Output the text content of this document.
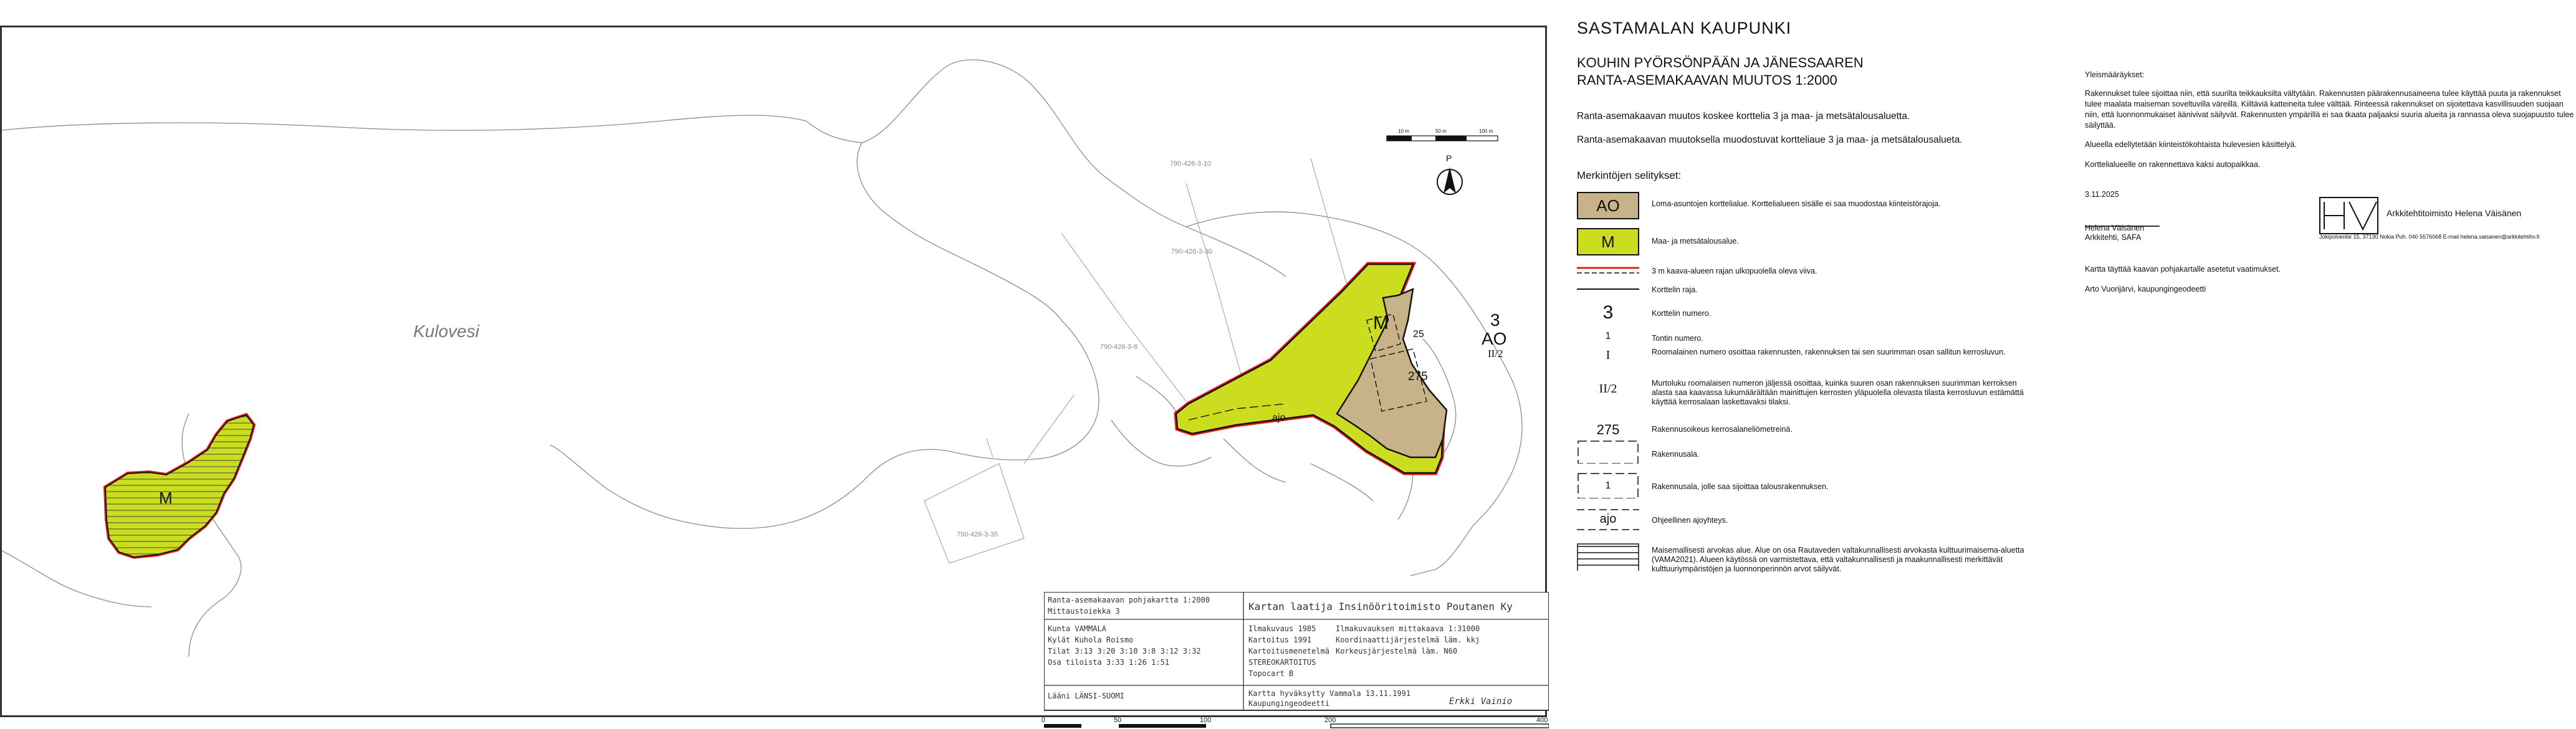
Kulovesi
M
M	3
AO
II/2
25
275
ajo
790-426-3-10
790-426-3-30
790-426-3-8
790-426-3-35
10 m	50 m	100 m
P
Ranta-asemakaavan pohjakartta 1:2000
Mittaustoiekka 3
Kunta VAMMALA
Kylät Kuhola Roismo
Tilat 3:13 3:20 3:10 3:8 3:12 3:32
Osa tiloista 3:33 1:26 1:51
Lääni LÄNSI-SUOMI
Kartan laatija Insinööritoimisto Poutanen Ky
Ilmakuvaus 1985
Kartoitus 1991
Kartoitusmenetelmä
STEREOKARTOITUS
Topocart B
Ilmakuvauksen mittakaava 1:31000
Koordinaattijärjestelmä läm. kkj
Korkeusjärjestelmä läm. N60
Kartta hyväksytty Vammala 13.11.1991
Kaupungingeodeetti	Erkki Vainio
0	50	100	200	400
SASTAMALAN KAUPUNKI
KOUHIN PYÖRSÖNPÄÄN JA JÄNESSAAREN
RANTA-ASEMAKAAVAN MUUTOS 1:2000
Ranta-asemakaavan muutos koskee korttelia 3 ja maa- ja metsätalousaluetta.
Ranta-asemakaavan muutoksella muodostuvat kortteliaue 3 ja maa- ja metsätalousalueta.
Merkintöjen selitykset:
AO	Loma-asuntojen korttelialue. Korttelialueen sisälle ei saa muodostaa kiinteistörajoja.
M	Maa- ja metsätalousalue.
3 m kaava-alueen rajan ulkopuolella oleva viiva.
Korttelin raja.
3	Korttelin numero.
1	Tontin numero.
I	Roomalainen numero osoittaa rakennusten, rakennuksen tai sen suurimman osan sallitun kerrosluvun.
II/2	Murtoluku roomalaisen numeron jäljessä osoittaa, kuinka suuren osan rakennuksen suurimman kerroksen alasta saa kaavassa lukumäärältään mainittujen kerrosten yläpuolella olevasta tilasta kerrosluvun estämättä käyttää kerrosalaan laskettavaksi tilaksi.
275	Rakennusoikeus kerrosalaneliömetreinä.
Rakennusala.
1	Rakennusala, jolle saa sijoittaa talousrakennuksen.
ajo	Ohjeellinen ajoyhteys.
Maisemallisesti arvokas alue. Alue on osa Rautaveden valtakunnallisesti arvokasta kulttuurimaisema-aluetta (VAMA2021). Alueen käytössä on varmistettava, että valtakunnallisesti ja maakunnallisesti merkittävät kulttuuriympäristöjen ja luonnonperinnön arvot säilyvät.
Yleismääräykset:
Rakennukset tulee sijoittaa niin, että suurilta teikkauksilta vältytään. Rakennusten päärakennusaineena tulee käyttää puuta ja rakennukset tulee maalata maiseman soveltuvilla väreillä. Kiiltäviä katteineita tulee välttää. Rinteessä rakennukset on sijoitettava kasvillisuuden suojaan niin, että luonnonmukaiset äänivivat säilyvät. Rakennusten ympärillä ei saa tkaata paljaaksi suuria alueita ja rannassa oleva suojapuusto tulee säilyttää.
Alueella edellytetään kiinteistökohtaista hulevesien käsittelyä.
Korttelialueelle on rakennettava kaksi autopaikkaa.
3.11.2025
Helena Väisänen
Arkkitehti, SAFA
Arkkitehtitoimisto Helena Väisänen
Jokipolventie 15, 37130 Nokia Puh. 040 5576068 E-mail helena.vaisanen@arkkitehtihv.fi
Kartta täyttää kaavan pohjakartalle asetetut vaatimukset.
Arto Vuorijärvi, kaupungingeodeetti
